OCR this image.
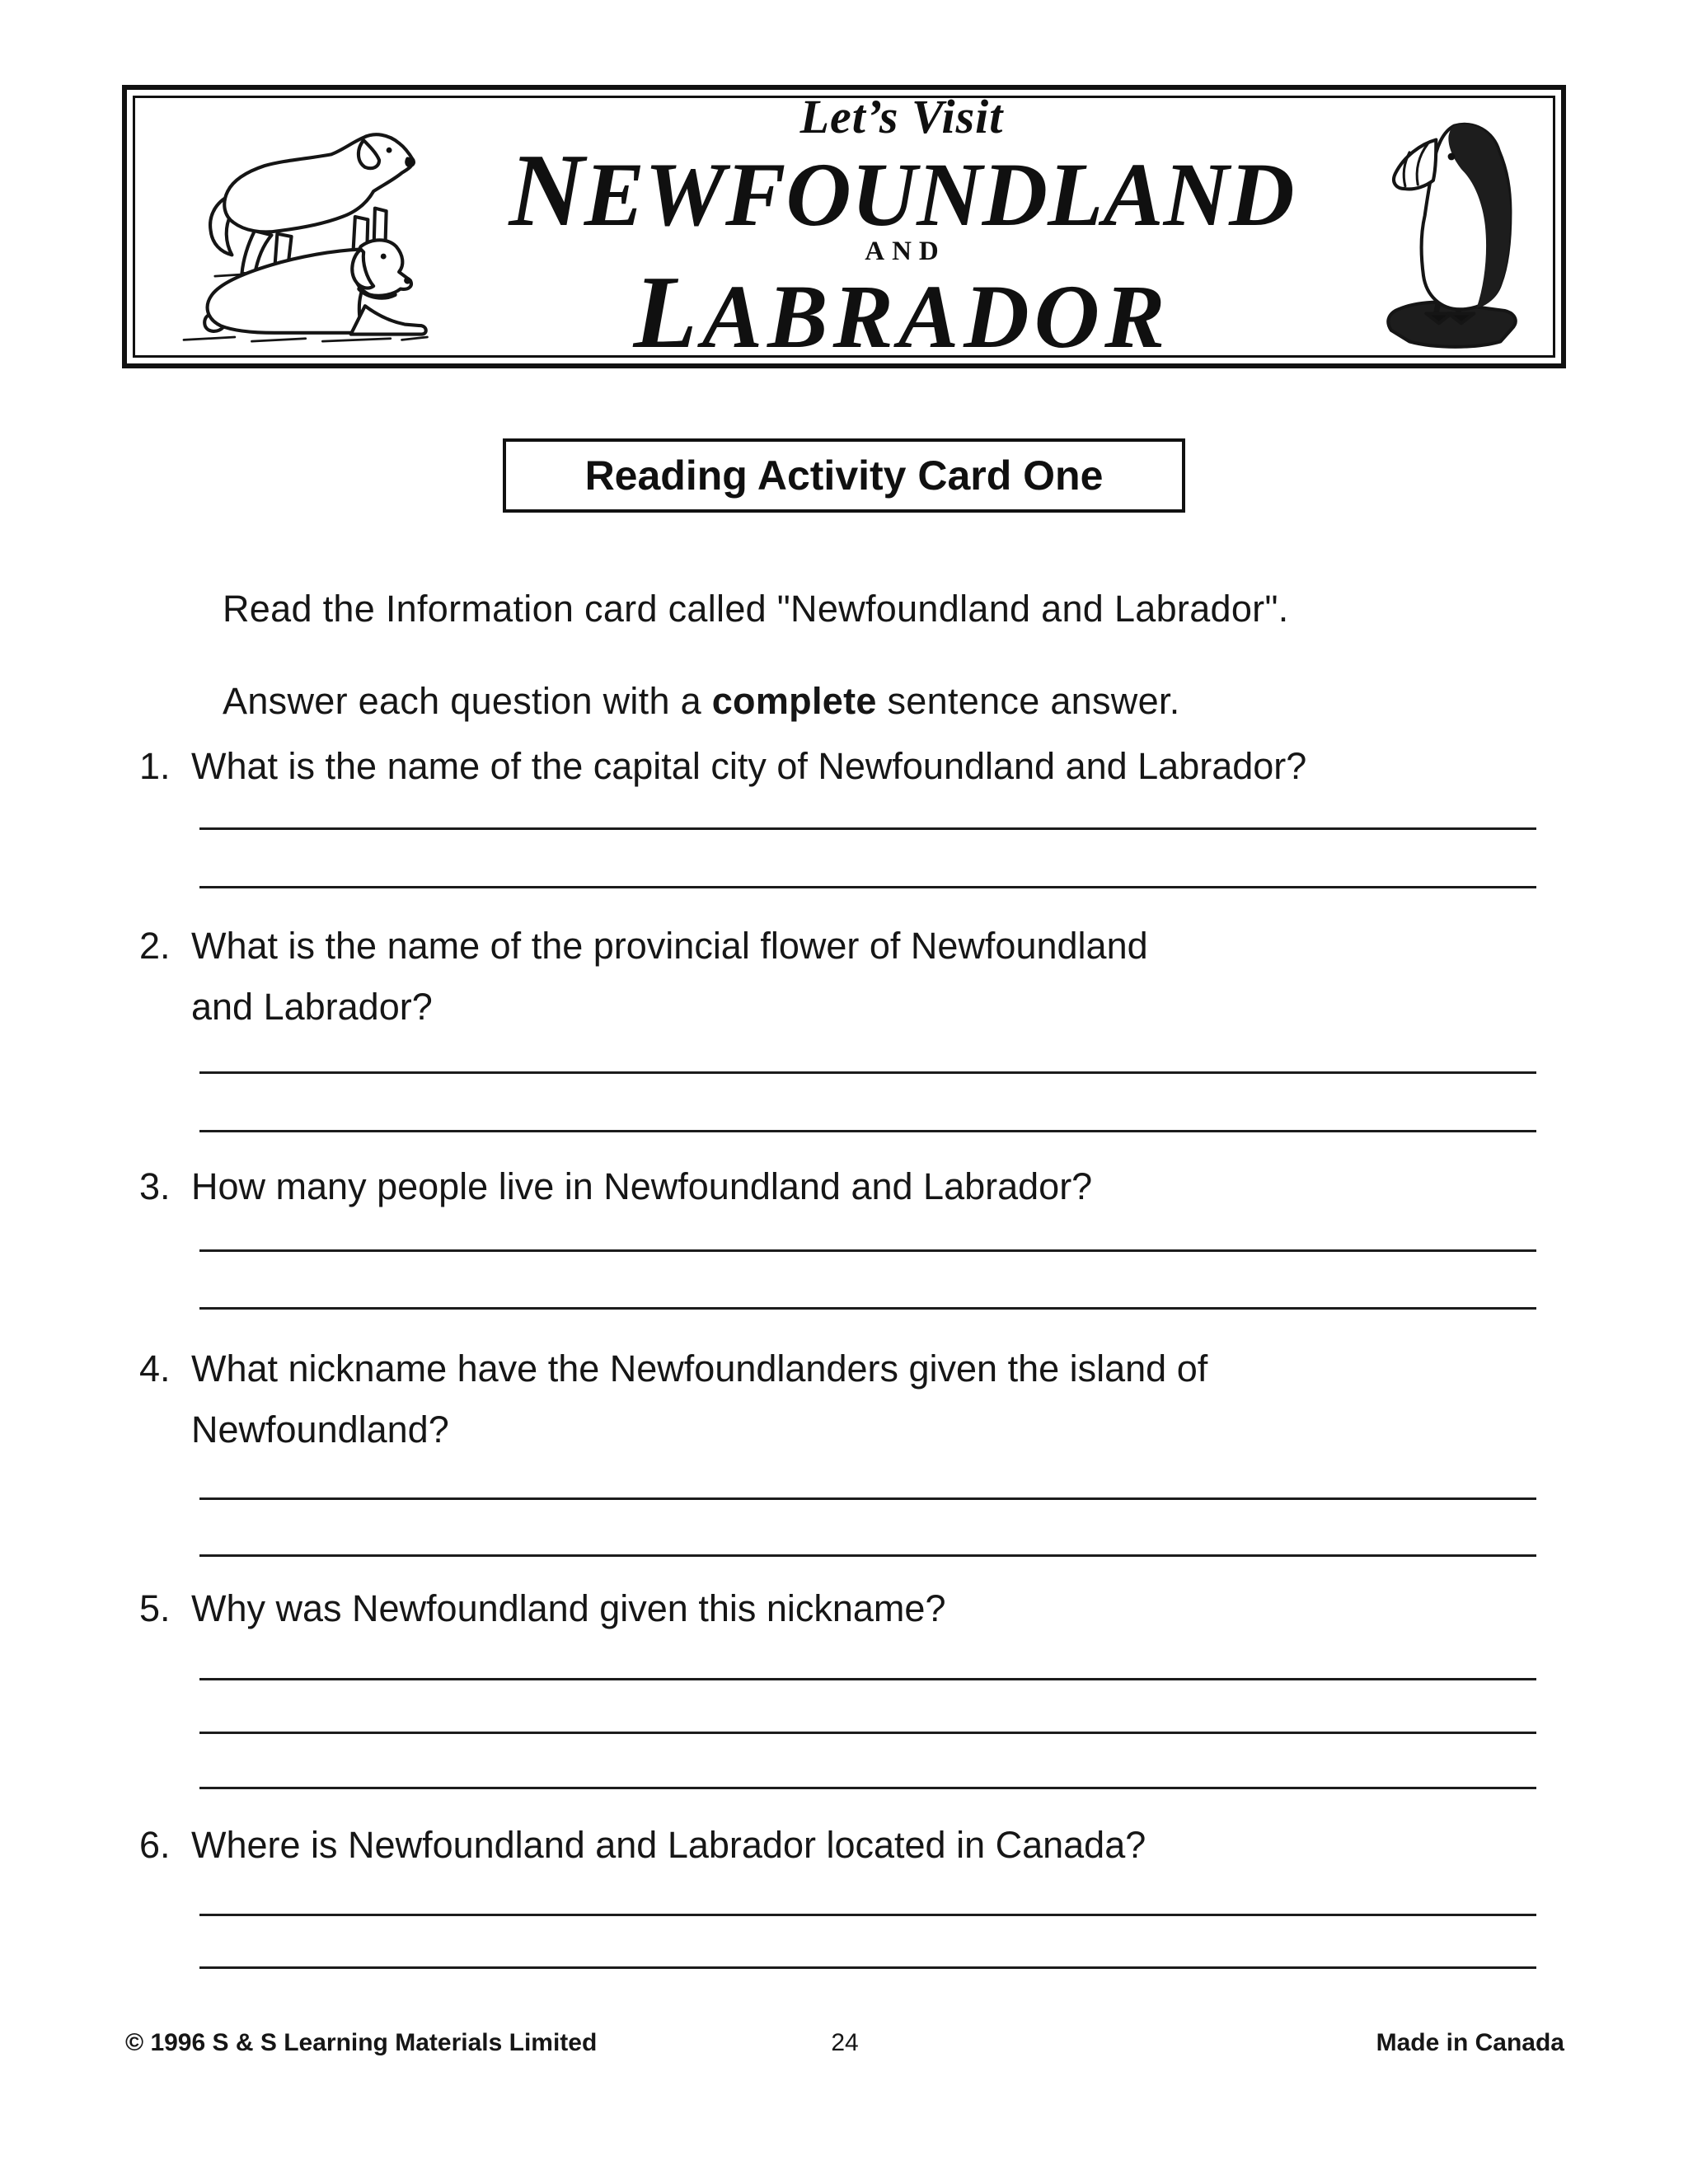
Let’s Visit
NEWFOUNDLAND
AND
LABRADOR
Reading Activity Card One

Read the Information card called "Newfoundland and Labrador".

Answer each question with a complete sentence answer.

1. What is the name of the capital city of Newfoundland and Labrador?
2. What is the name of the provincial flower of Newfoundland
and Labrador?
3. How many people live in Newfoundland and Labrador?
4. What nickname have the Newfoundlanders given the island of
Newfoundland?
5. Why was Newfoundland given this nickname?
6. Where is Newfoundland and Labrador located in Canada?
© 1996 S & S Learning Materials Limited	24	Made in Canada
